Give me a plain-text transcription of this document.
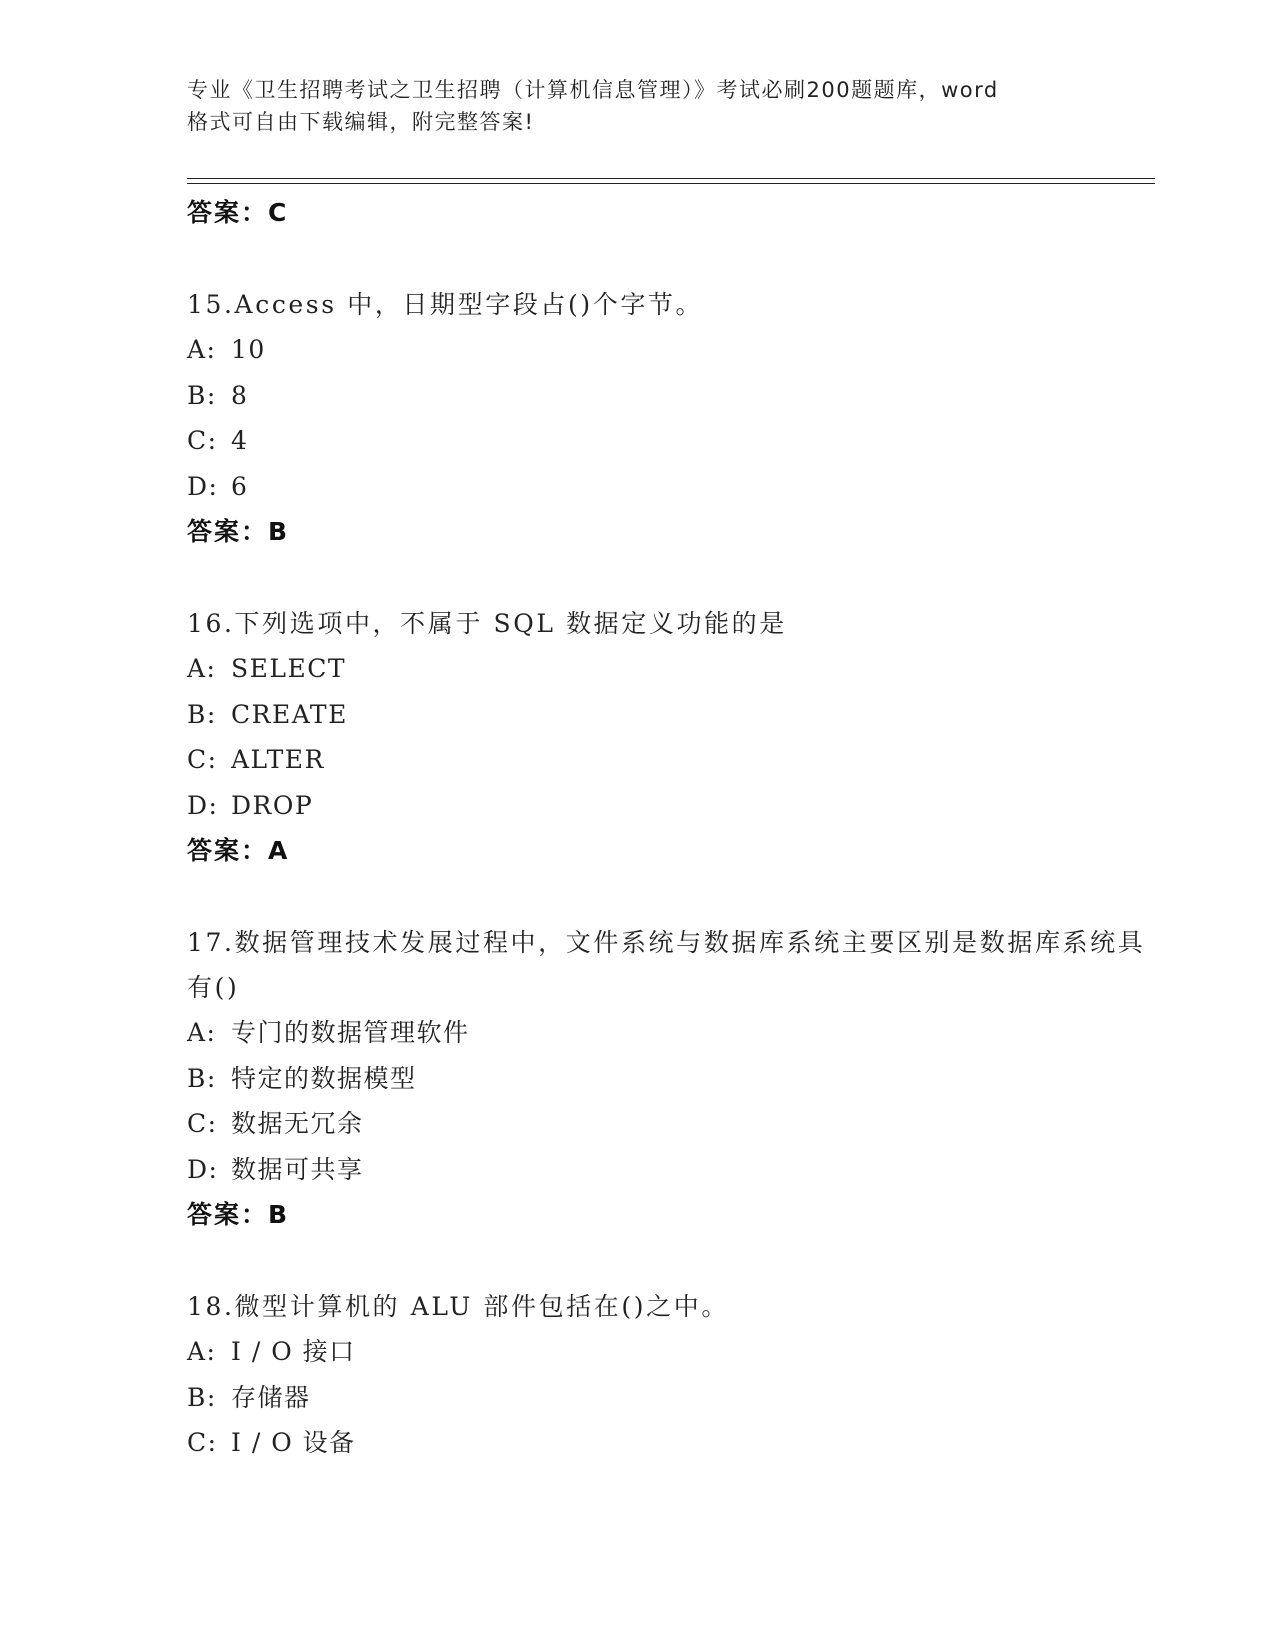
专业《卫生招聘考试之卫生招聘（计算机信息管理）》考试必刷200题题库，word
格式可自由下载编辑，附完整答案!
答案：C
15.Access 中，日期型字段占()个字节。
A: 10
B: 8
C: 4
D: 6
答案：B
16.下列选项中，不属于 SQL 数据定义功能的是
A: SELECT
B: CREATE
C: ALTER
D: DROP
答案：A
17.数据管理技术发展过程中，文件系统与数据库系统主要区别是数据库系统具有()
A: 专门的数据管理软件
B: 特定的数据模型
C: 数据无冗余
D: 数据可共享
答案：B
18.微型计算机的 ALU 部件包括在()之中。
A: I / O 接口
B: 存储器
C: I / O 设备
